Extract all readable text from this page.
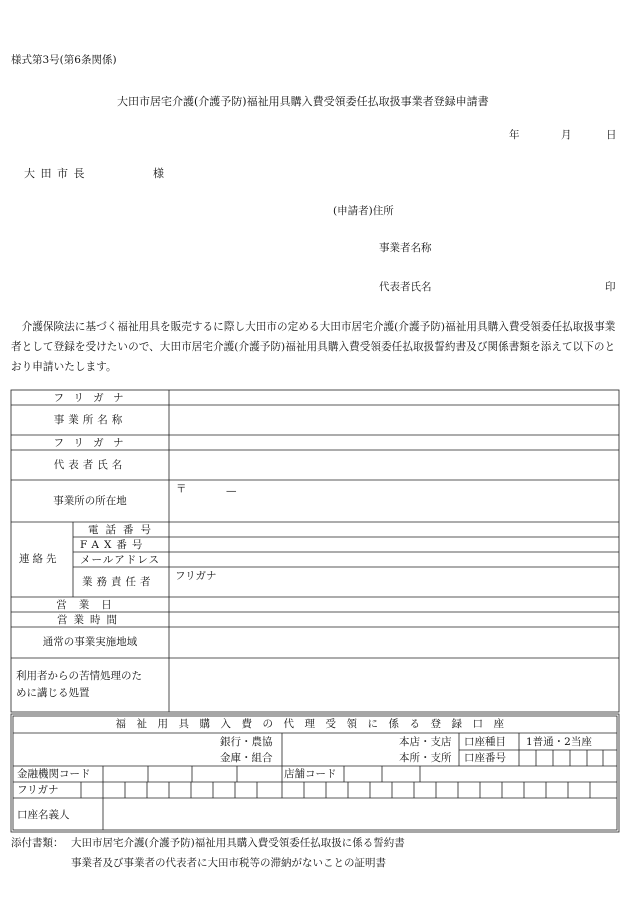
様式第3号(第6条関係)
大田市居宅介護(介護予防)福祉用具購入費受領委任払取扱事業者登録申請書
年	月	日
大 田 市 長	様
(申請者)住所
事業者名称
代表者氏名	印
介護保険法に基づく福祉用具を販売するに際し大田市の定める大田市居宅介護(介護予防)福祉用具購入費受領委任払取扱事業者として登録を受けたいので、大田市居宅介護(介護予防)福祉用具購入費受領委任払取扱誓約書及び関係書類を添えて以下のとおり申請いたします。
フ リ ガ ナ
事業所名称
フ リ ガ ナ
代表者氏名
事業所の所在地
〒	—
連絡先
電話番号
FAX番号
メールアドレス
業務責任者 フリガナ
営業日
営業時間
通常の事業実施地域
利用者からの苦情処理のた
めに講じる処置
福祉用具購入費の代理受領に係る登録口座
銀行・農協
金庫・組合
本店・支店
本所・支所
口座種目 1普通・2当座
口座番号
金融機関コード	店舗コード
フリガナ
口座名義人
添付書類： 大田市居宅介護(介護予防)福祉用具購入費受領委任払取扱に係る誓約書
事業者及び事業者の代表者に大田市税等の滞納がないことの証明書
